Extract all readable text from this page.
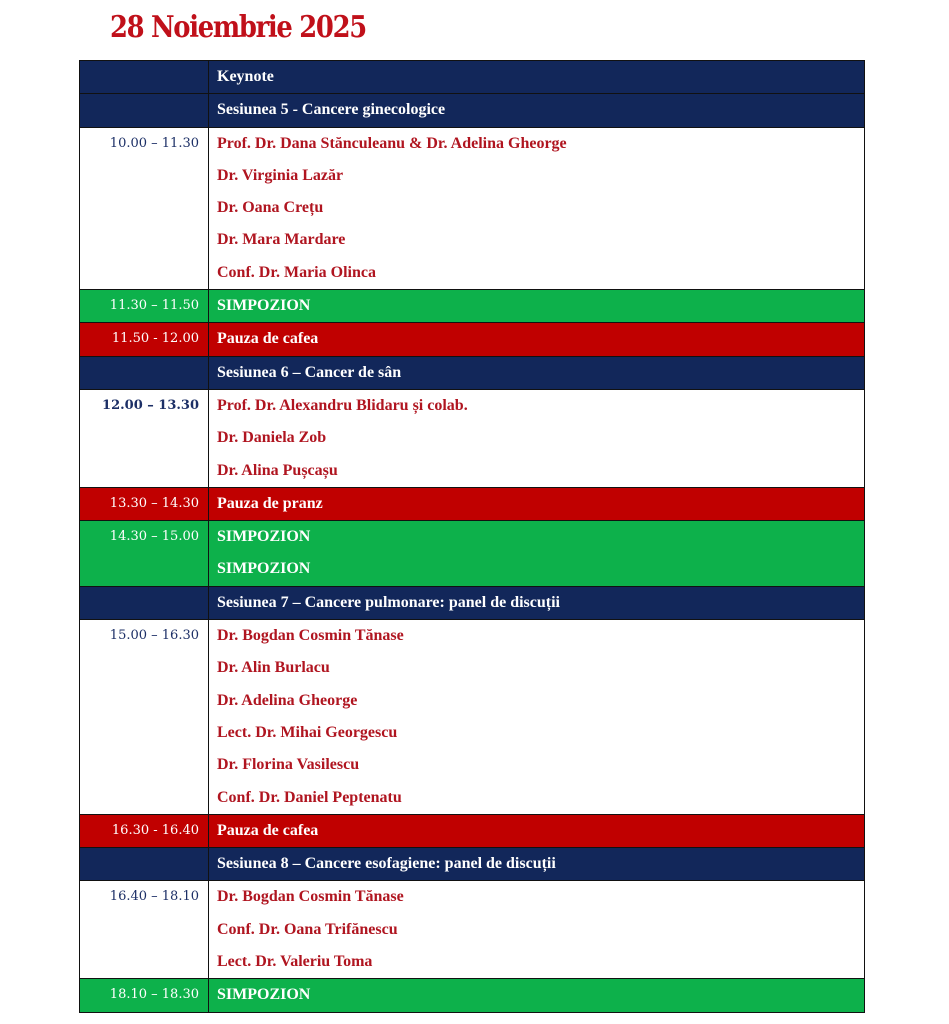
28 Noiembrie 2025
Keynote
Sesiunea 5 - Cancere ginecologice
10.00 – 11.30	Prof. Dr. Dana Stănculeanu & Dr. Adelina Gheorge
Dr. Virginia Lazăr
Dr. Oana Crețu
Dr. Mara Mardare
Conf. Dr. Maria Olinca
11.30 – 11.50	SIMPOZION
11.50 - 12.00	Pauza de cafea
Sesiunea 6 – Cancer de sân
12.00 – 13.30	Prof. Dr. Alexandru Blidaru și colab.
Dr. Daniela Zob
Dr. Alina Pușcașu
13.30 – 14.30	Pauza de pranz
14.30 – 15.00	SIMPOZION
SIMPOZION
Sesiunea 7 – Cancere pulmonare: panel de discuții
15.00 – 16.30	Dr. Bogdan Cosmin Tănase
Dr. Alin Burlacu
Dr. Adelina Gheorge
Lect. Dr. Mihai Georgescu
Dr. Florina Vasilescu
Conf. Dr. Daniel Peptenatu
16.30 - 16.40	Pauza de cafea
Sesiunea 8 – Cancere esofagiene: panel de discuții
16.40 – 18.10	Dr. Bogdan Cosmin Tănase
Conf. Dr. Oana Trifănescu
Lect. Dr. Valeriu Toma
18.10 – 18.30	SIMPOZION
